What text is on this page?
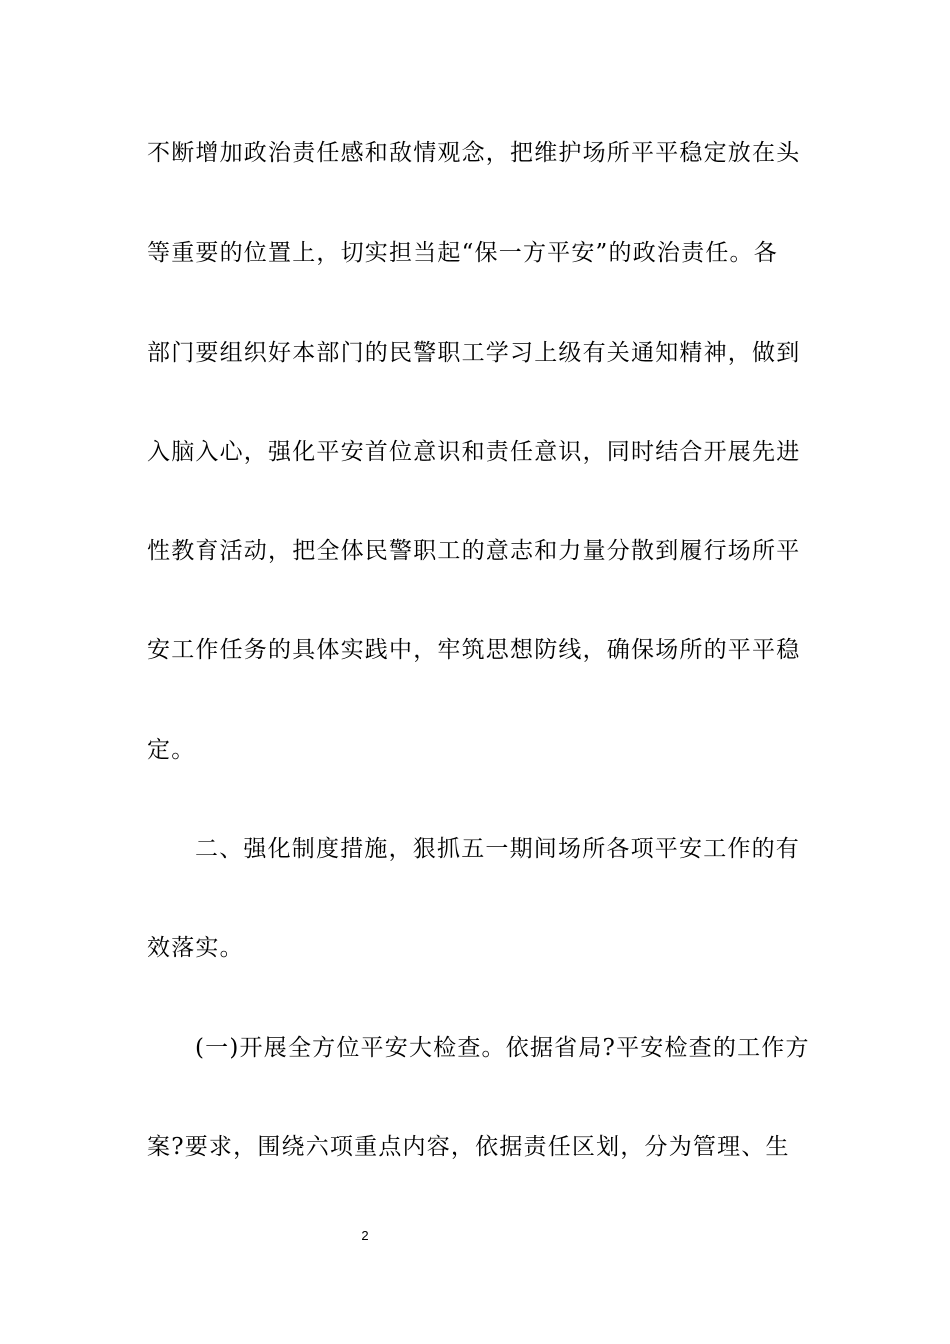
不断增加政治责任感和敌情观念，把维护场所平平稳定放在头
等重要的位置上，切实担当起“保一方平安”的政治责任。各
部门要组织好本部门的民警职工学习上级有关通知精神，做到
入脑入心，强化平安首位意识和责任意识，同时结合开展先进
性教育活动，把全体民警职工的意志和力量分散到履行场所平
安工作任务的具体实践中，牢筑思想防线，确保场所的平平稳
定。
二、强化制度措施，狠抓五一期间场所各项平安工作的有
效落实。
(一)开展全方位平安大检查。依据省局?平安检查的工作方
案?要求，围绕六项重点内容，依据责任区划，分为管理、生
2
